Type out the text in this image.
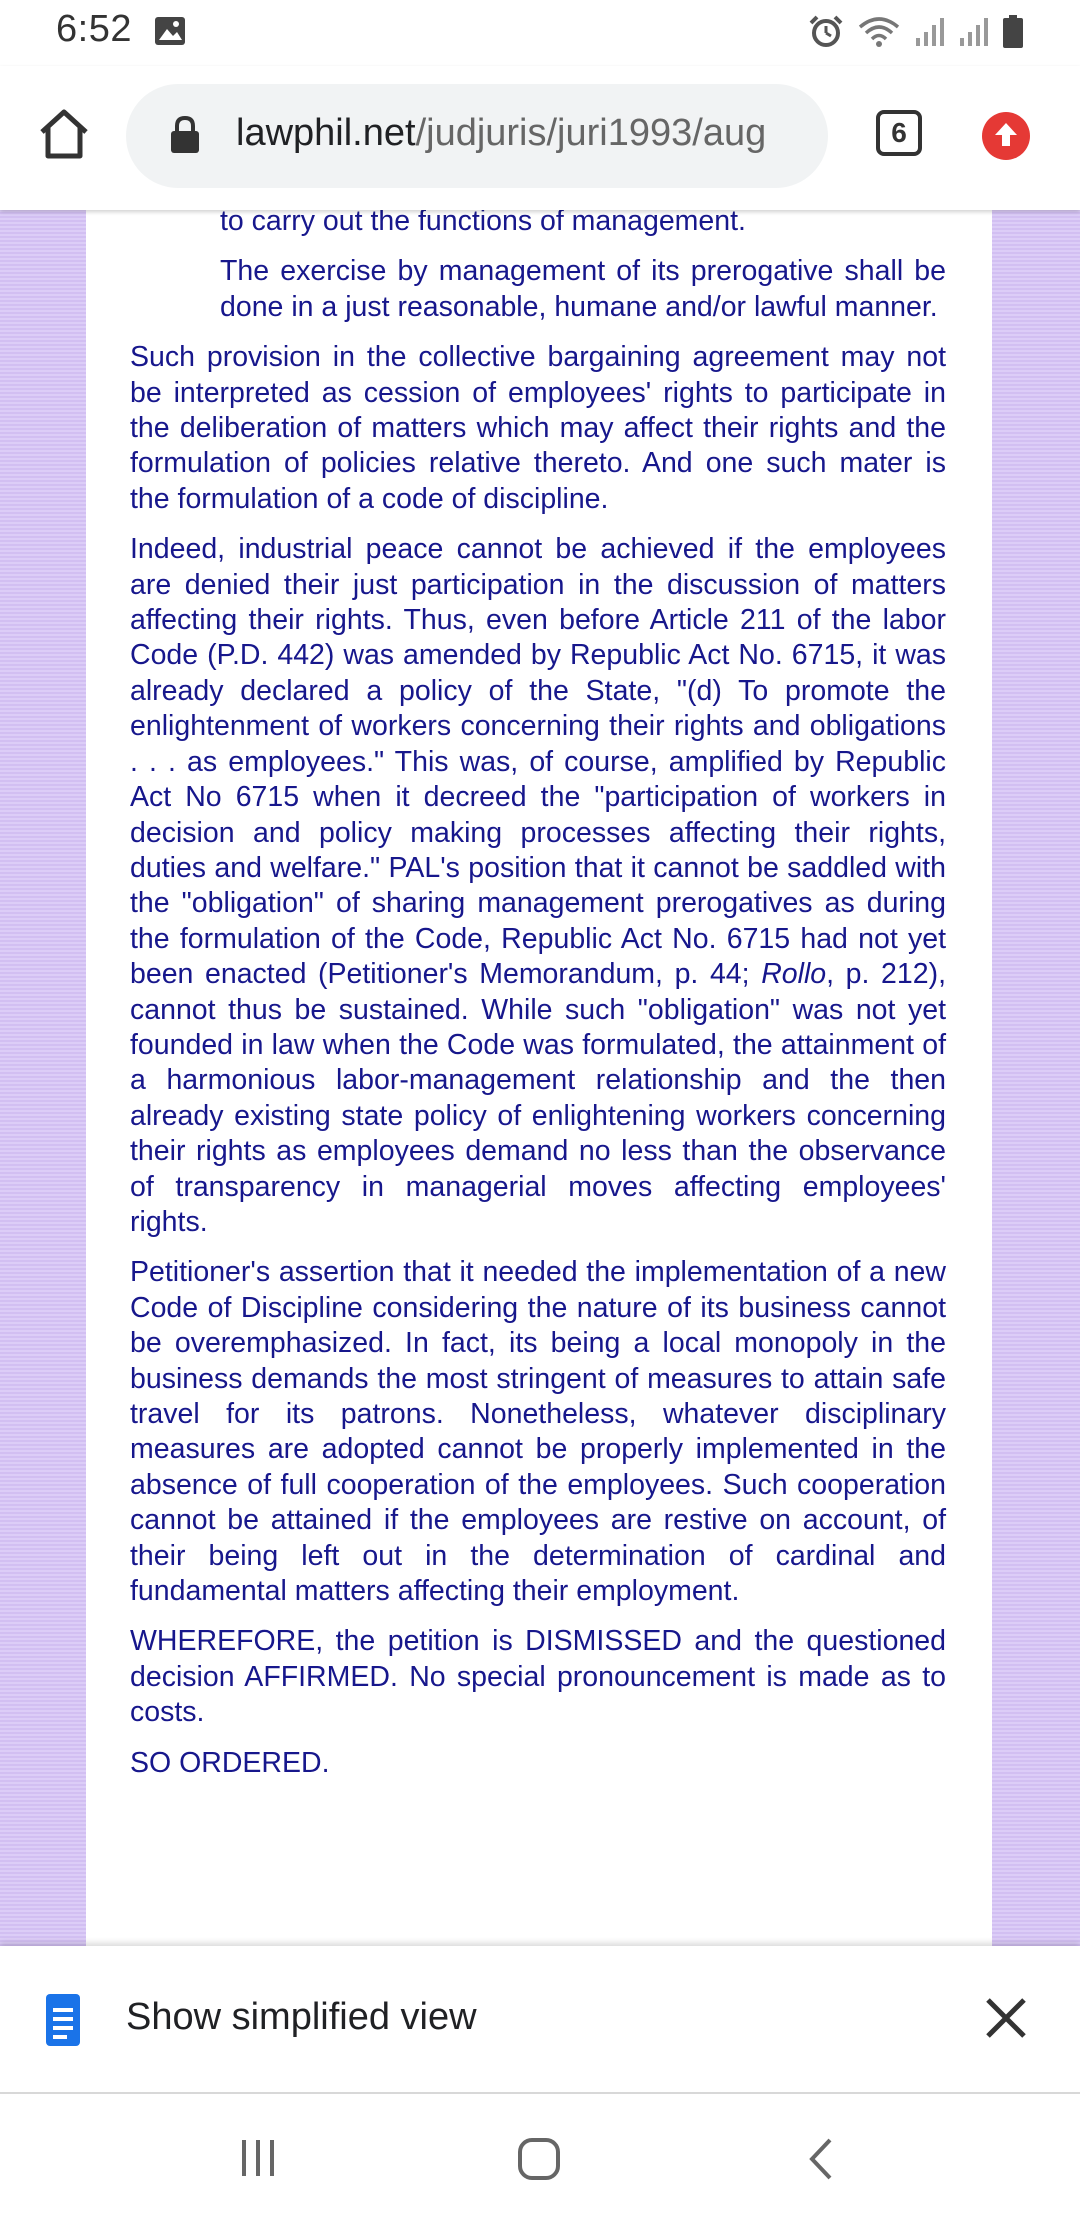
6:52
lawphil.net/judjuris/juri1993/aug	6

to carry out the functions of management.

The exercise by management of its prerogative shall be done in a just reasonable, humane and/or lawful manner.

Such provision in the collective bargaining agreement may not be interpreted as cession of employees' rights to participate in the deliberation of matters which may affect their rights and the formulation of policies relative thereto. And one such mater is the formulation of a code of discipline.

Indeed, industrial peace cannot be achieved if the employees are denied their just participation in the discussion of matters affecting their rights. Thus, even before Article 211 of the labor Code (P.D. 442) was amended by Republic Act No. 6715, it was already declared a policy of the State, "(d) To promote the enlightenment of workers concerning their rights and obligations . . . as employees." This was, of course, amplified by Republic Act No 6715 when it decreed the "participation of workers in decision and policy making processes affecting their rights, duties and welfare." PAL's position that it cannot be saddled with the "obligation" of sharing management prerogatives as during the formulation of the Code, Republic Act No. 6715 had not yet been enacted (Petitioner's Memorandum, p. 44; Rollo, p. 212), cannot thus be sustained. While such "obligation" was not yet founded in law when the Code was formulated, the attainment of a harmonious labor-management relationship and the then already existing state policy of enlightening workers concerning their rights as employees demand no less than the observance of transparency in managerial moves affecting employees' rights.

Petitioner's assertion that it needed the implementation of a new Code of Discipline considering the nature of its business cannot be overemphasized. In fact, its being a local monopoly in the business demands the most stringent of measures to attain safe travel for its patrons. Nonetheless, whatever disciplinary measures are adopted cannot be properly implemented in the absence of full cooperation of the employees. Such cooperation cannot be attained if the employees are restive on account, of their being left out in the determination of cardinal and fundamental matters affecting their employment.

WHEREFORE, the petition is DISMISSED and the questioned decision AFFIRMED. No special pronouncement is made as to costs.

SO ORDERED.

Show simplified view
